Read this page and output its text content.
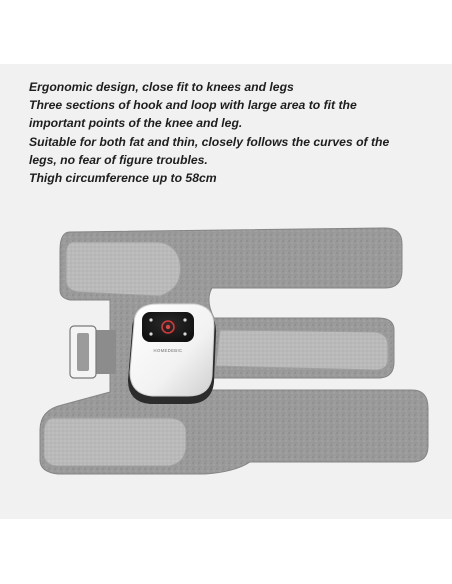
Ergonomic design, close fit to knees and legs
Three sections of hook and loop with large area to fit the
important points of the knee and leg.
Suitable for both fat and thin, closely follows the curves of the
legs, no fear of figure troubles.
Thigh circumference up to 58cm
HOMEDEBIC
